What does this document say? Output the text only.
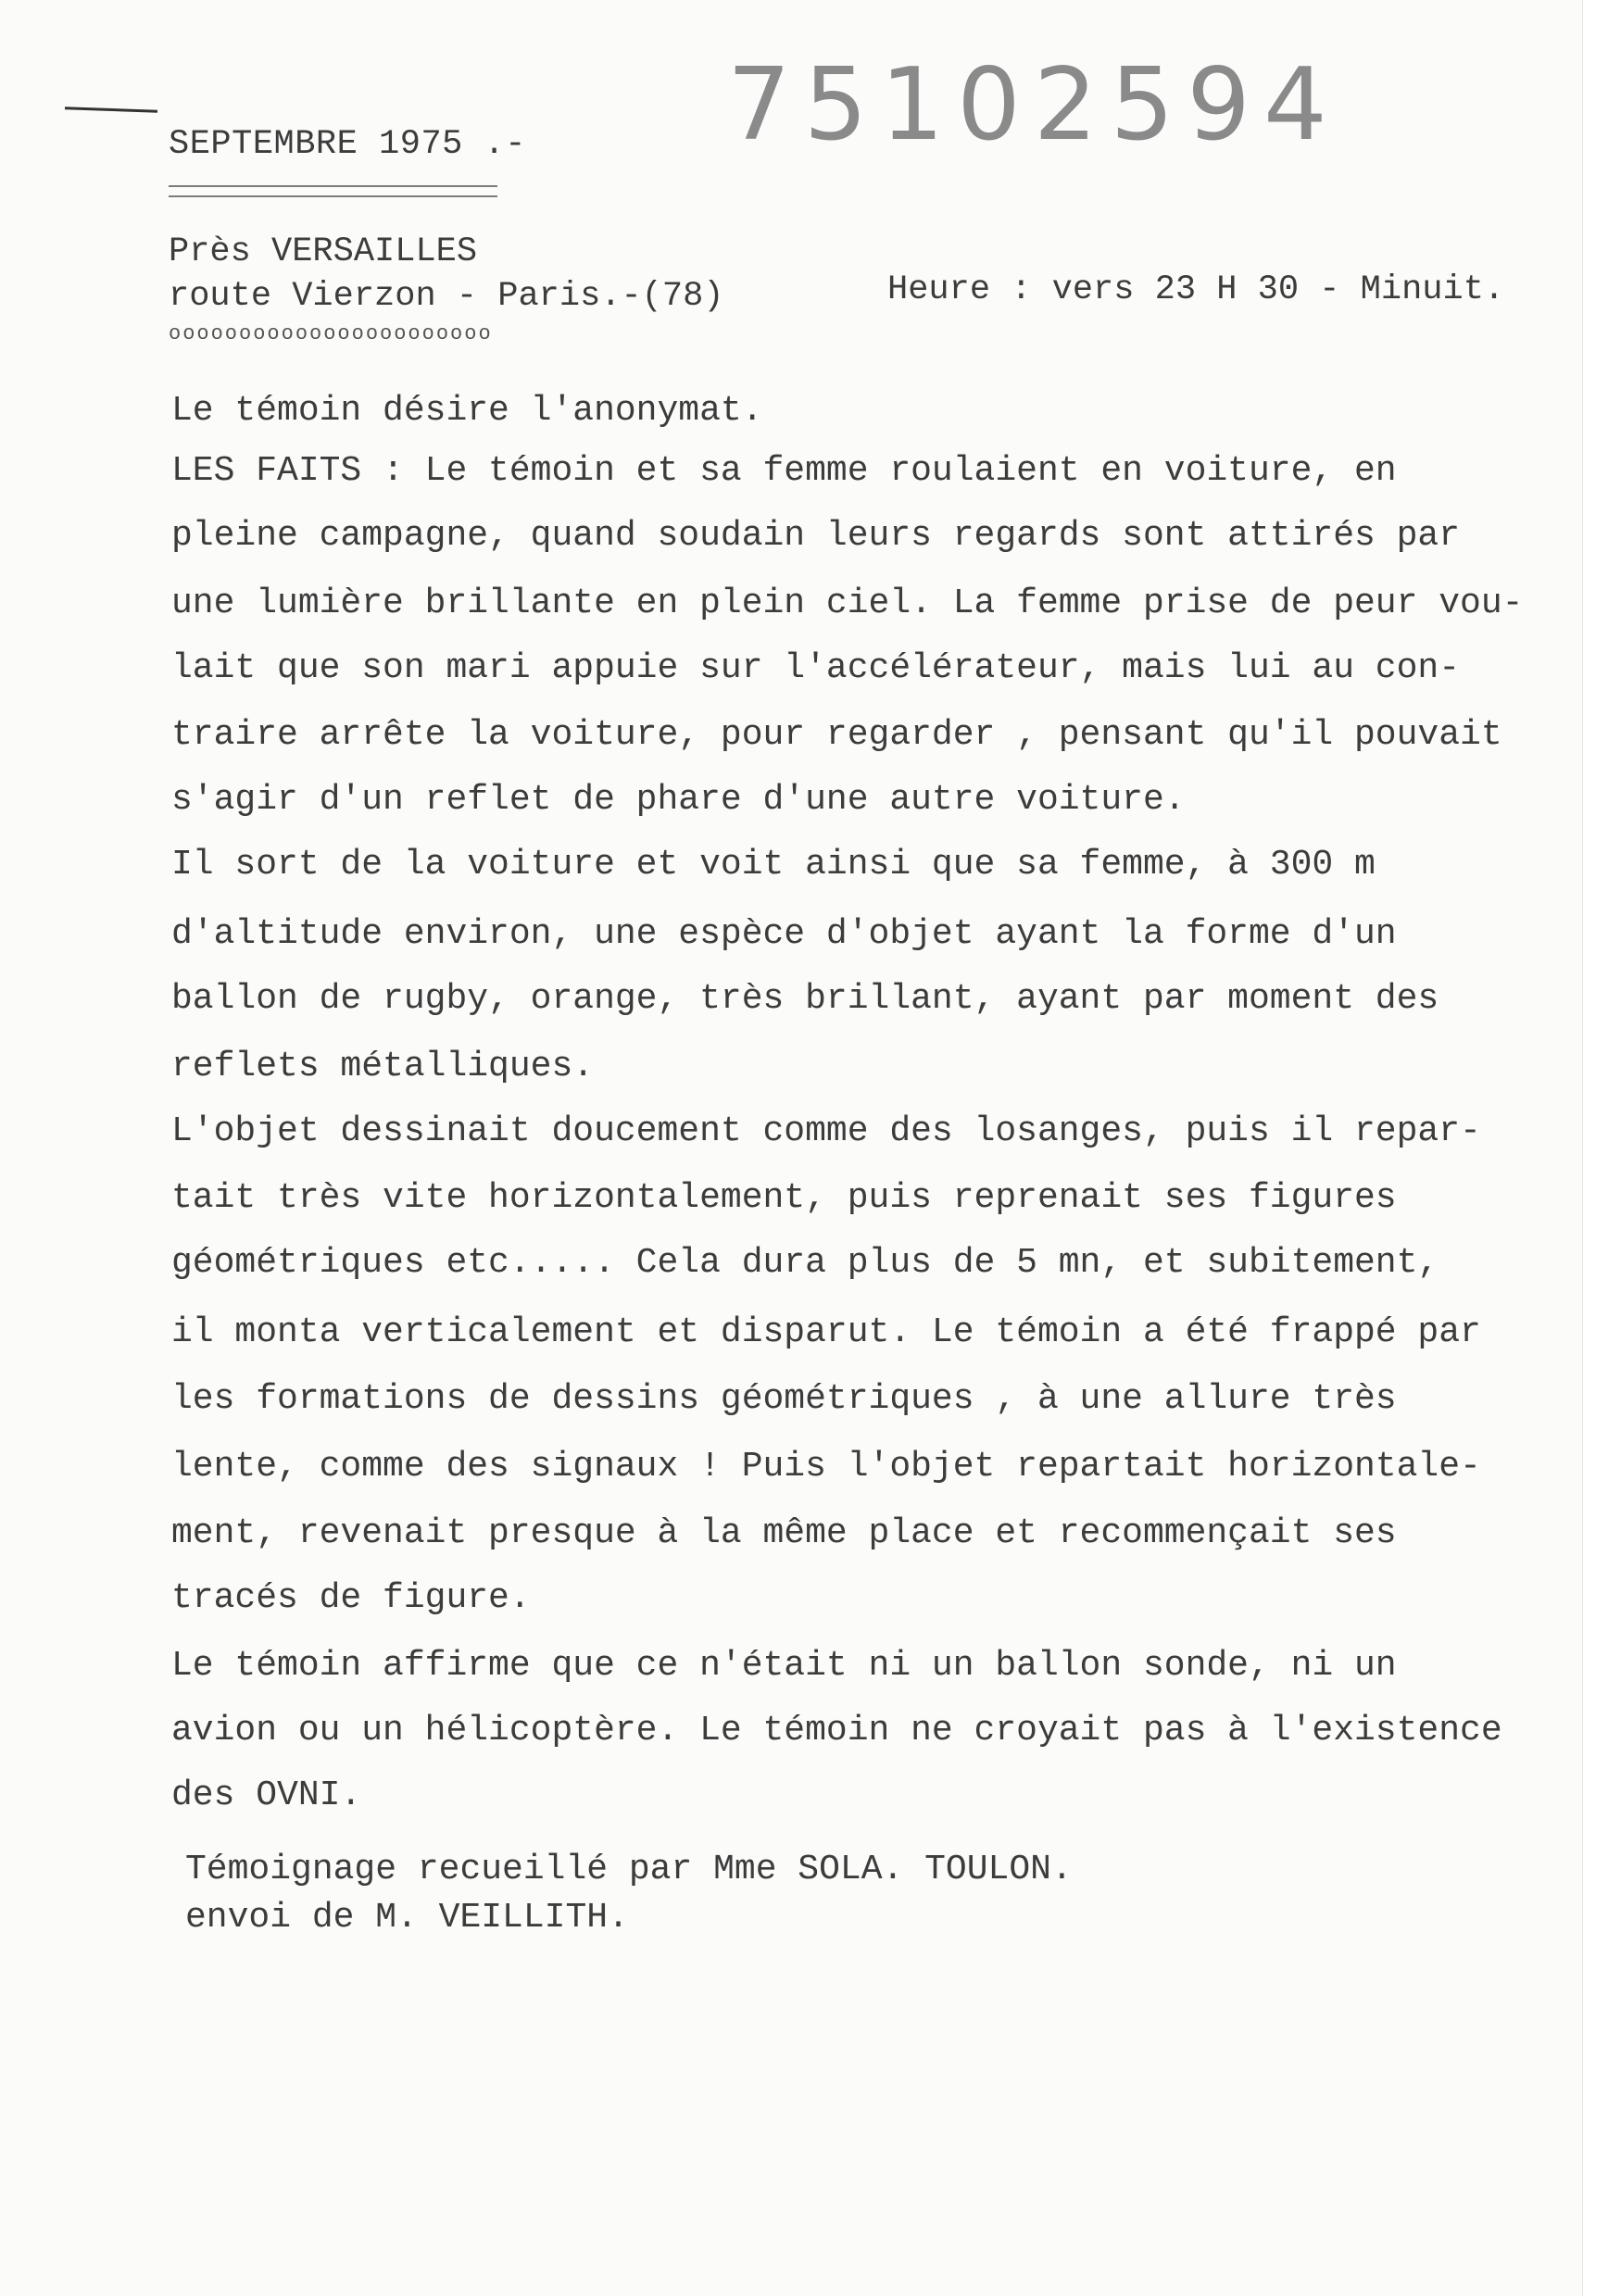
75102594
SEPTEMBRE 1975 .-
Près VERSAILLES
route Vierzon - Paris.-(78)	Heure : vers 23 H 30 - Minuit.
ooooooooooooooooooooooo
Le témoin désire l'anonymat.
LES FAITS : Le témoin et sa femme roulaient en voiture, en
pleine campagne, quand soudain leurs regards sont attirés par
une lumière brillante en plein ciel. La femme prise de peur vou-
lait que son mari appuie sur l'accélérateur, mais lui au con-
traire arrête la voiture, pour regarder , pensant qu'il pouvait
s'agir d'un reflet de phare d'une autre voiture.
Il sort de la voiture et voit ainsi que sa femme, à 300 m
d'altitude environ, une espèce d'objet ayant la forme d'un
ballon de rugby, orange, très brillant, ayant par moment des
reflets métalliques.
L'objet dessinait doucement comme des losanges, puis il repar-
tait très vite horizontalement, puis reprenait ses figures
géométriques etc..... Cela dura plus de 5 mn, et subitement,
il monta verticalement et disparut. Le témoin a été frappé par
les formations de dessins géométriques , à une allure très
lente, comme des signaux ! Puis l'objet repartait horizontale-
ment, revenait presque à la même place et recommençait ses
tracés de figure.
Le témoin affirme que ce n'était ni un ballon sonde, ni un
avion ou un hélicoptère. Le témoin ne croyait pas à l'existence
des OVNI.
Témoignage recueillé par Mme SOLA. TOULON.
envoi de M. VEILLITH.
